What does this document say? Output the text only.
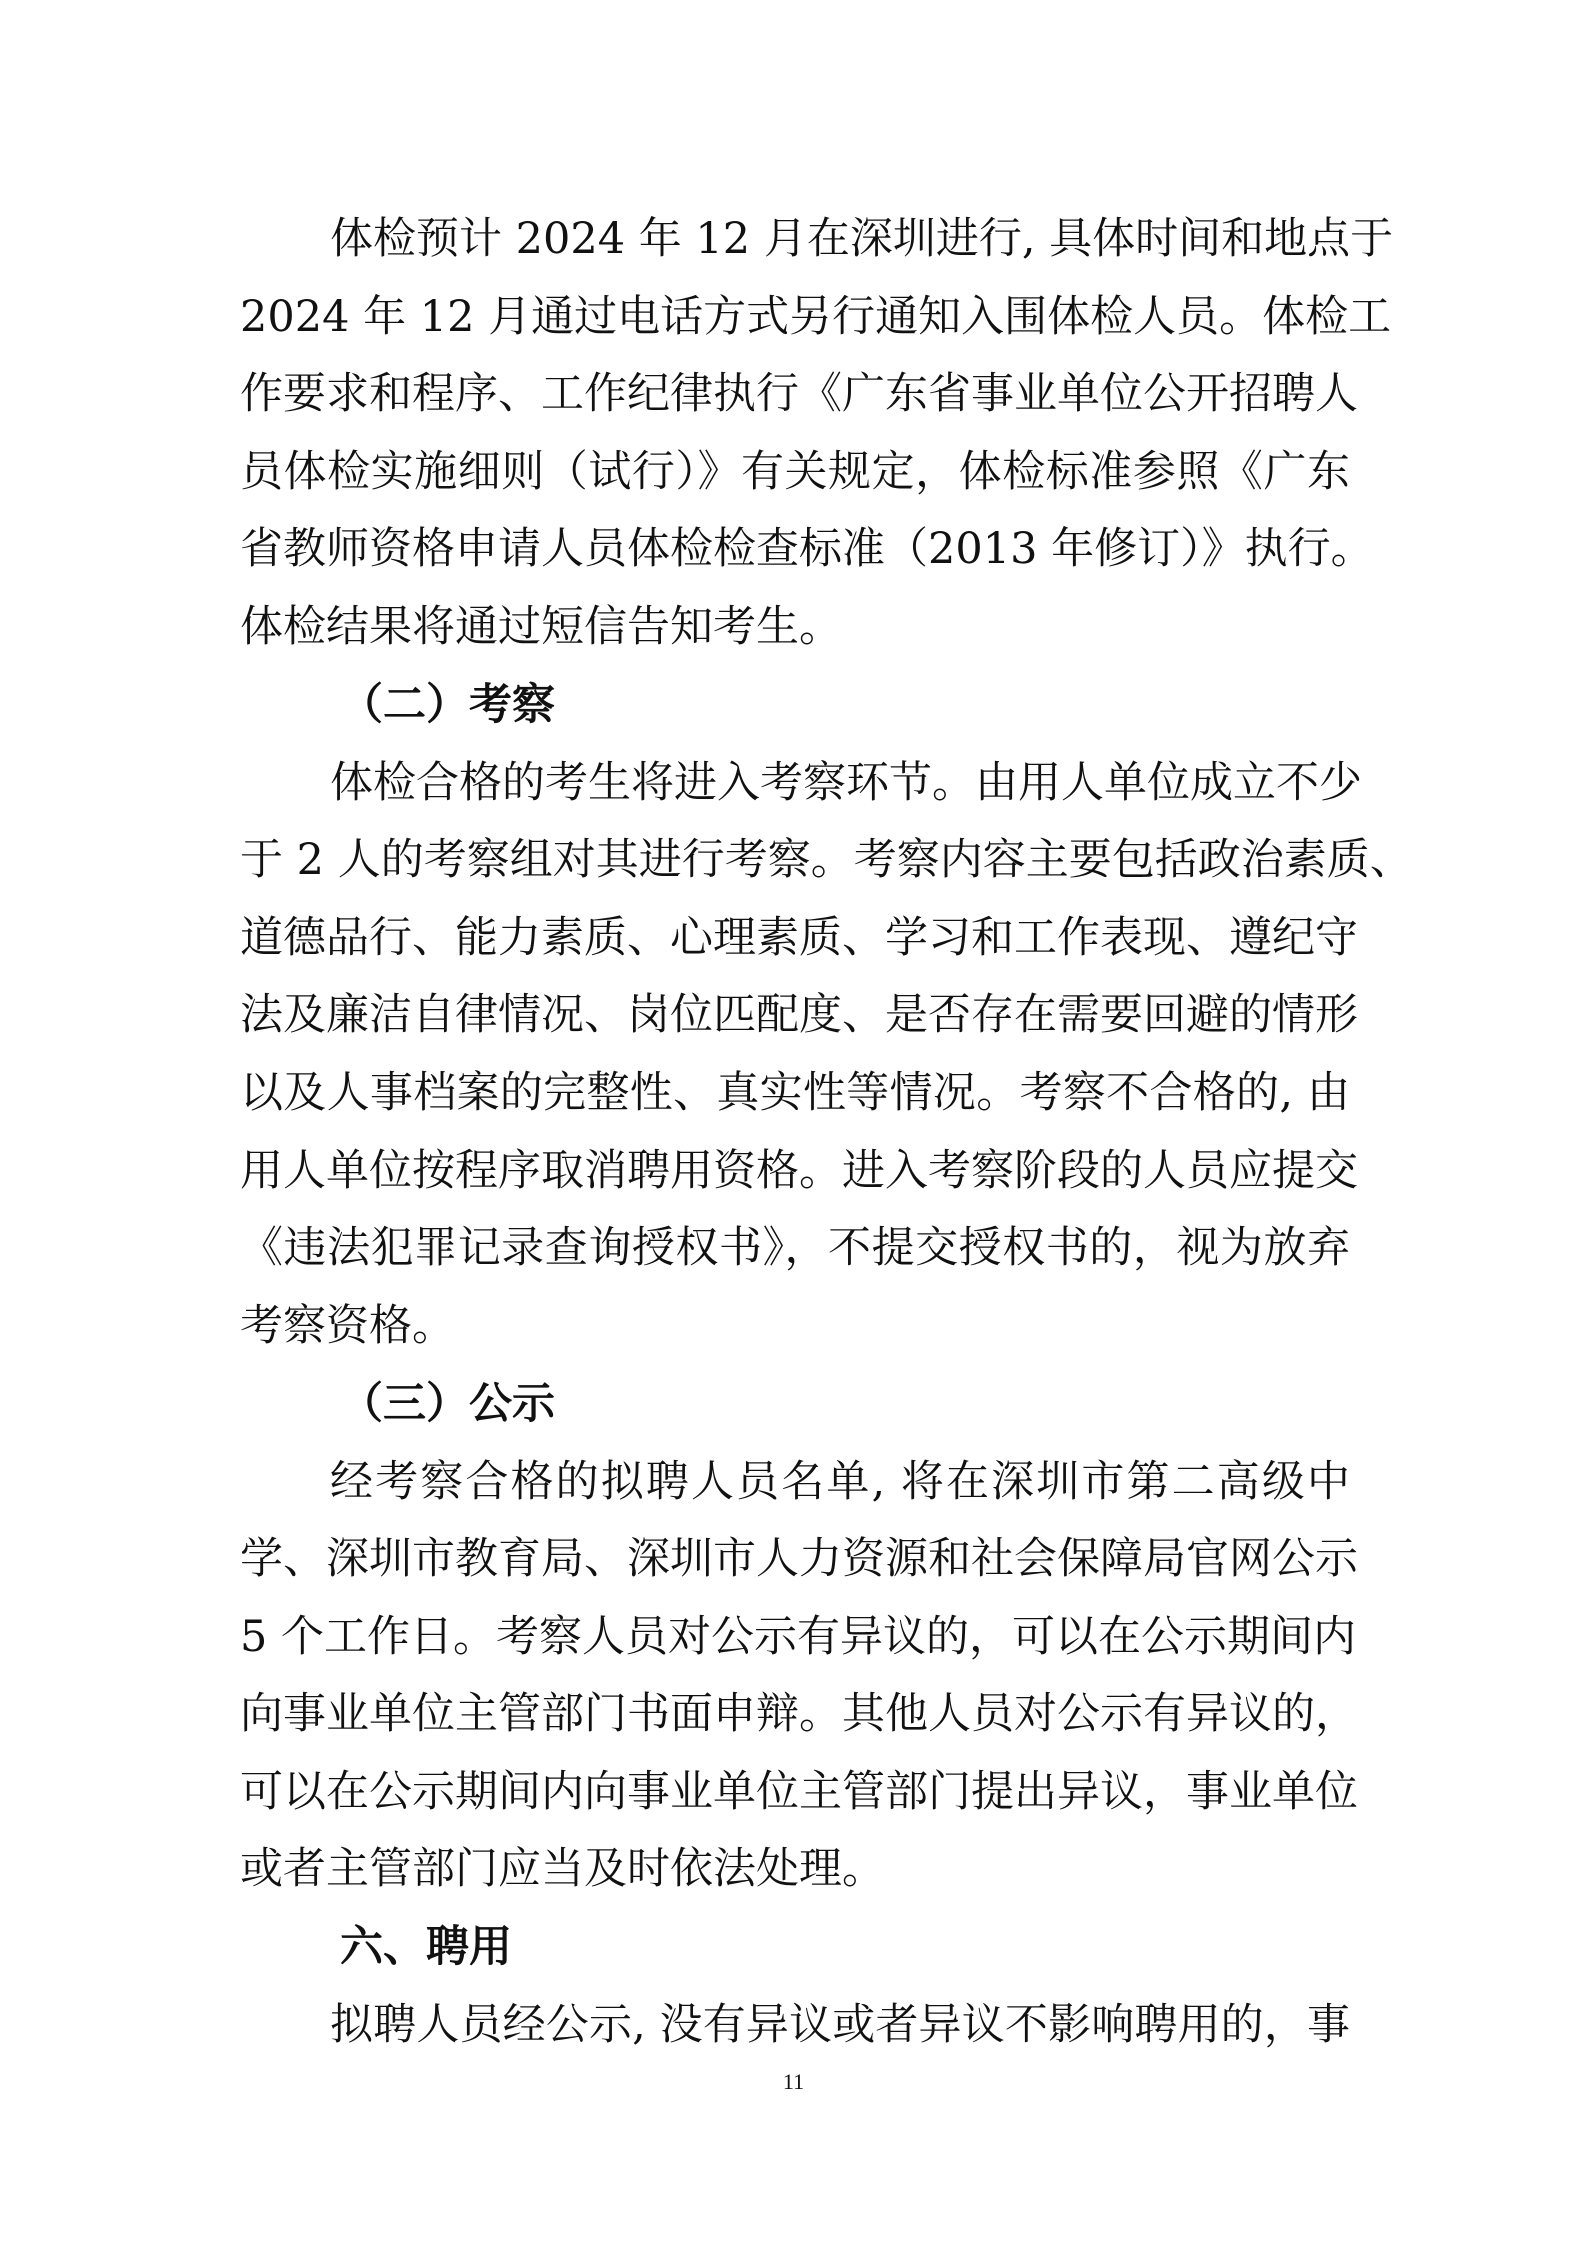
体检预计 2024 年 12 月在深圳进行, 具体时间和地点于
2024 年 12 月通过电话方式另行通知入围体检人员。体检工
作要求和程序、工作纪律执行《广东省事业单位公开招聘人
员体检实施细则（试行）》有关规定，体检标准参照《广东
省教师资格申请人员体检检查标准（2013 年修订）》执行。
体检结果将通过短信告知考生。
（二）考察
体检合格的考生将进入考察环节。由用人单位成立不少
于 2 人的考察组对其进行考察。考察内容主要包括政治素质、
道德品行、能力素质、心理素质、学习和工作表现、遵纪守
法及廉洁自律情况、岗位匹配度、是否存在需要回避的情形
以及人事档案的完整性、真实性等情况。考察不合格的, 由
用人单位按程序取消聘用资格。进入考察阶段的人员应提交
《违法犯罪记录查询授权书》，不提交授权书的，视为放弃
考察资格。
（三）公示
经考察合格的拟聘人员名单, 将在深圳市第二高级中
学、深圳市教育局、深圳市人力资源和社会保障局官网公示
5 个工作日。考察人员对公示有异议的，可以在公示期间内
向事业单位主管部门书面申辩。其他人员对公示有异议的，
可以在公示期间内向事业单位主管部门提出异议，事业单位
或者主管部门应当及时依法处理。
六、聘用
拟聘人员经公示, 没有异议或者异议不影响聘用的，事
11
